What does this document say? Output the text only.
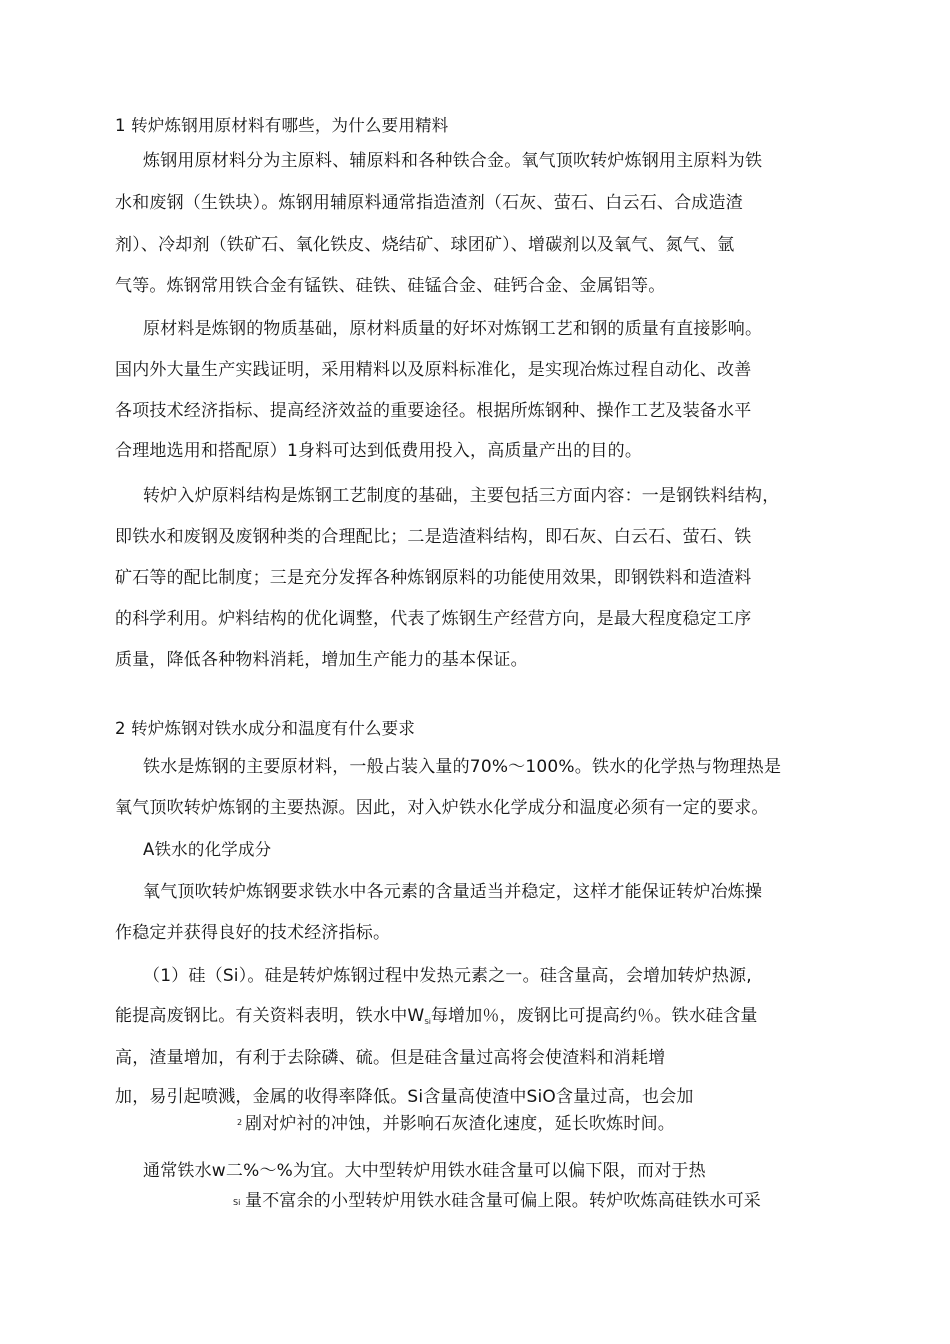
1 转炉炼钢用原材料有哪些，为什么要用精料
炼钢用原材料分为主原料、辅原料和各种铁合金。氧气顶吹转炉炼钢用主原料为铁
水和废钢（生铁块）。炼钢用辅原料通常指造渣剂（石灰、萤石、白云石、合成造渣
剂）、冷却剂（铁矿石、氧化铁皮、烧结矿、球团矿）、增碳剂以及氧气、氮气、氩
气等。炼钢常用铁合金有锰铁、硅铁、硅锰合金、硅钙合金、金属铝等。
原材料是炼钢的物质基础，原材料质量的好坏对炼钢工艺和钢的质量有直接影响。
国内外大量生产实践证明，采用精料以及原料标准化，是实现冶炼过程自动化、改善
各项技术经济指标、提高经济效益的重要途径。根据所炼钢种、操作工艺及装备水平
合理地选用和搭配原）1身料可达到低费用投入，高质量产出的目的。
转炉入炉原料结构是炼钢工艺制度的基础，主要包括三方面内容：一是钢铁料结构，
即铁水和废钢及废钢种类的合理配比；二是造渣料结构，即石灰、白云石、萤石、铁
矿石等的配比制度；三是充分发挥各种炼钢原料的功能使用效果，即钢铁料和造渣料
的科学利用。炉料结构的优化调整，代表了炼钢生产经营方向，是最大程度稳定工序
质量，降低各种物料消耗，增加生产能力的基本保证。
2 转炉炼钢对铁水成分和温度有什么要求
铁水是炼钢的主要原材料，一般占装入量的70%〜100%。铁水的化学热与物理热是
氧气顶吹转炉炼钢的主要热源。因此，对入炉铁水化学成分和温度必须有一定的要求。
A铁水的化学成分
氧气顶吹转炉炼钢要求铁水中各元素的含量适当并稳定，这样才能保证转炉冶炼操
作稳定并获得良好的技术经济指标。
（1）硅（Si）。硅是转炉炼钢过程中发热元素之一。硅含量高，会增加转炉热源,
能提高废钢比。有关资料表明，铁水中$W_{Si}$每增加％，废钢比可提高约％。铁水硅含量
高，渣量增加，有利于去除磷、硫。但是硅含量过高将会使渣料和消耗增
加，易引起喷溅，金属的收得率降低。Si含量高使渣中SiO含量过高，也会加
2 剧对炉衬的冲蚀，并影响石灰渣化速度，延长吹炼时间。
通常铁水w二%〜%为宜。大中型转炉用铁水硅含量可以偏下限，而对于热
Si 量不富余的小型转炉用铁水硅含量可偏上限。转炉吹炼高硅铁水可采
